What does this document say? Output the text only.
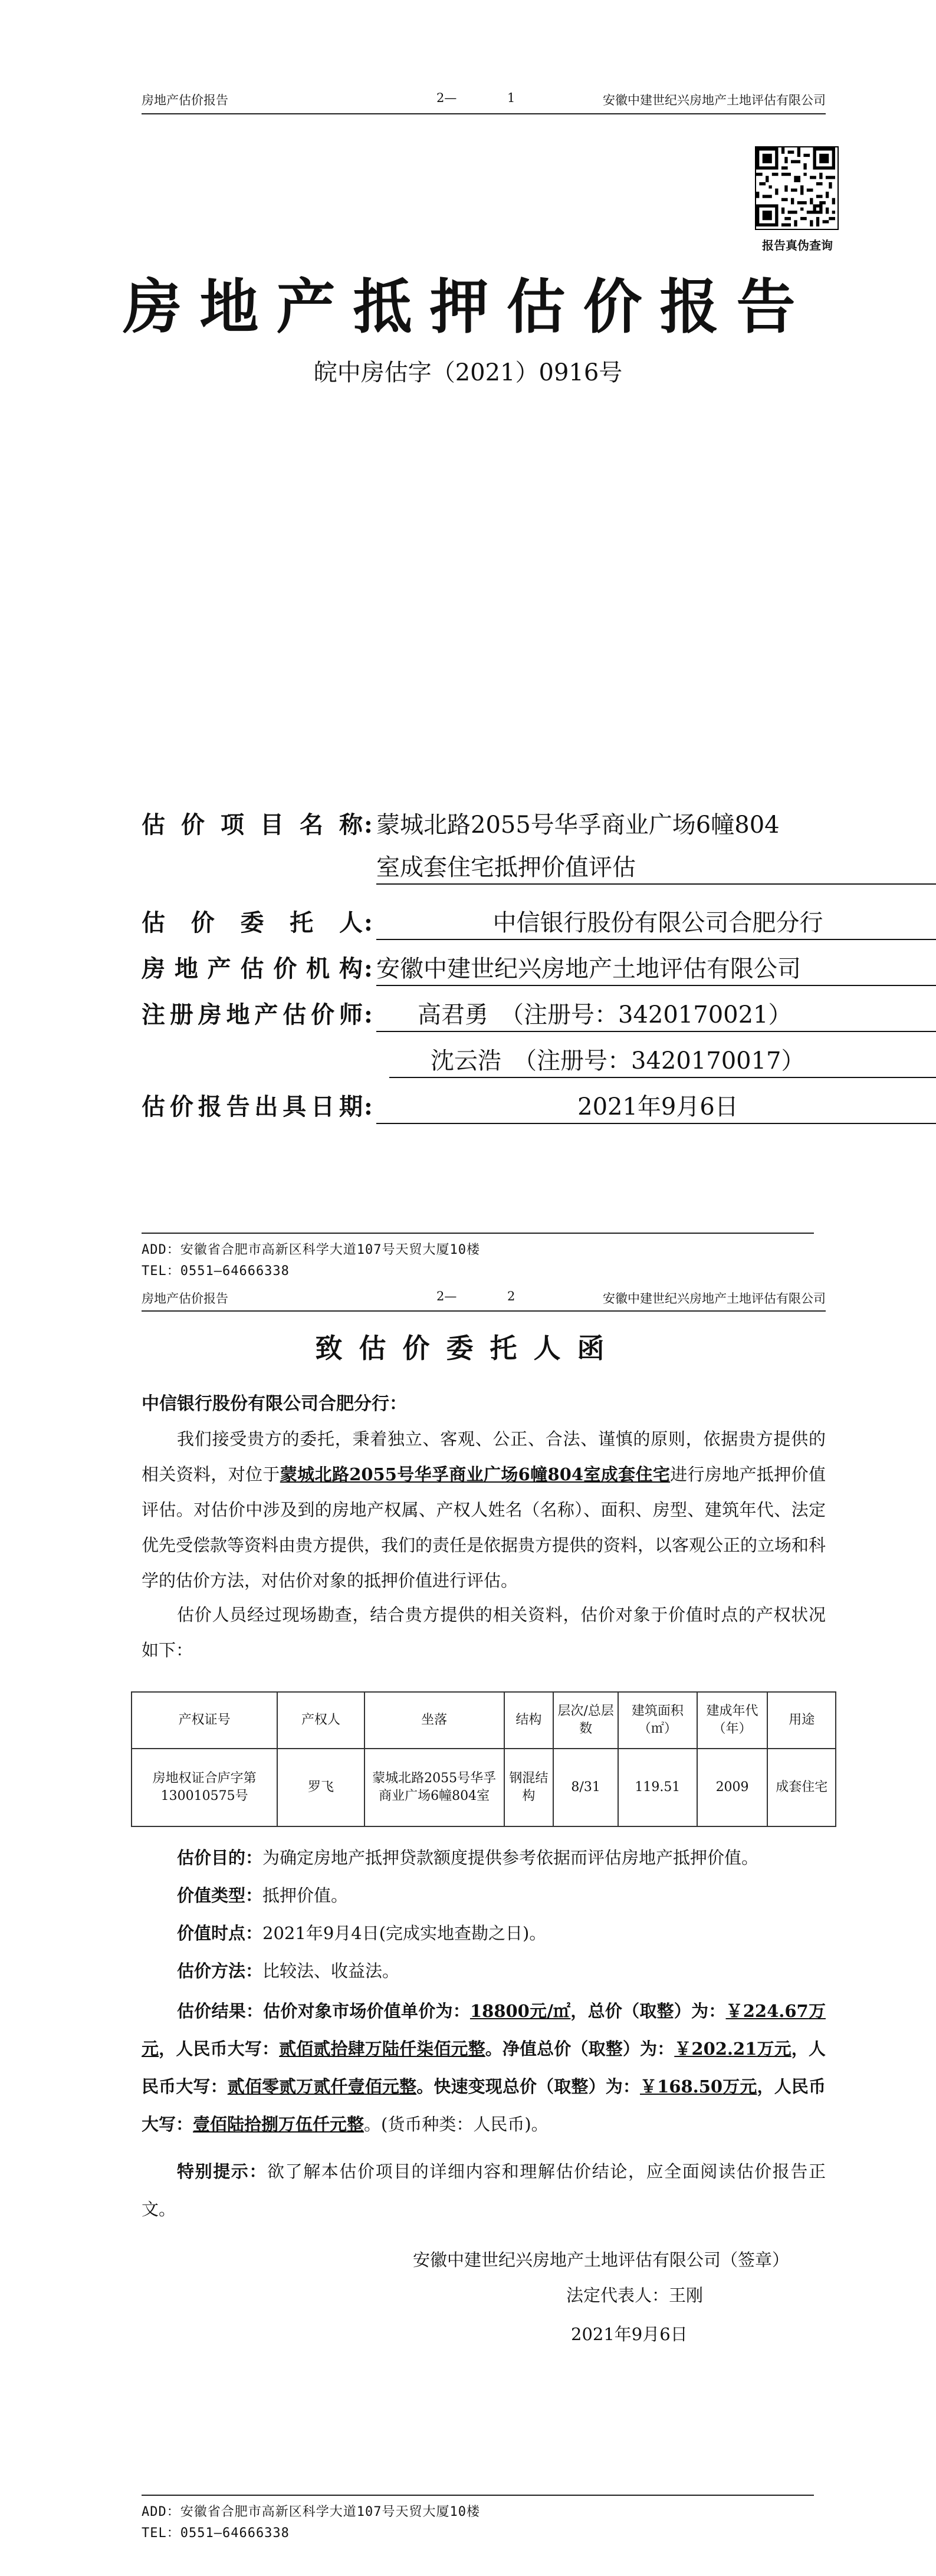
房地产估价报告	2—	1	安徽中建世纪兴房地产土地评估有限公司
报告真伪查询
房地产抵押估价报告
皖中房估字（2021）0916号
估价项目名称 : 蒙城北路2055号华孚商业广场6幢804
室成套住宅抵押价值评估
估价委托人 :	中信银行股份有限公司合肥分行
房地产估价机构 : 安徽中建世纪兴房地产土地评估有限公司
注册房地产估价师 :	高君勇　（注册号：3420170021）
沈云浩　（注册号：3420170017）
估价报告出具日期 :	2021年9月6日
ADD：安徽省合肥市高新区科学大道107号天贸大厦10楼
TEL：0551—64666338
房地产估价报告	2—	2	安徽中建世纪兴房地产土地评估有限公司
致估价委托人函
中信银行股份有限公司合肥分行：

我们接受贵方的委托，秉着独立、客观、公正、合法、谨慎的原则，依据贵方提供的相关资料，对位于蒙城北路2055号华孚商业广场6幢804室成套住宅进行房地产抵押价值评估。对估价中涉及到的房地产权属、产权人姓名（名称）、面积、房型、建筑年代、法定优先受偿款等资料由贵方提供，我们的责任是依据贵方提供的资料，以客观公正的立场和科学的估价方法，对估价对象的抵押价值进行评估。

估价人员经过现场勘查，结合贵方提供的相关资料，估价对象于价值时点的产权状况如下：

产权证号	产权人	坐落	结构	层次/总层数	建筑面积（㎡）	建成年代（年）	用途
房地权证合庐字第130010575号	罗飞	蒙城北路2055号华孚商业广场6幢804室	钢混结构	8/31	119.51	2009	成套住宅
估价目的：为确定房地产抵押贷款额度提供参考依据而评估房地产抵押价值。
价值类型：抵押价值。
价值时点：2021年9月4日(完成实地查勘之日)。
估价方法：比较法、收益法。

估价结果：估价对象市场价值单价为：18800元/㎡，总价（取整）为：￥224.67万元，人民币大写：贰佰贰拾肆万陆仟柒佰元整。净值总价（取整）为：￥202.21万元，人民币大写：贰佰零贰万贰仟壹佰元整。快速变现总价（取整）为：￥168.50万元，人民币大写：壹佰陆拾捌万伍仟元整。(货币种类：人民币)。

特别提示：欲了解本估价项目的详细内容和理解估价结论，应全面阅读估价报告正文。

安徽中建世纪兴房地产土地评估有限公司（签章）
法定代表人：王刚
2021年9月6日
ADD：安徽省合肥市高新区科学大道107号天贸大厦10楼
TEL：0551—64666338
